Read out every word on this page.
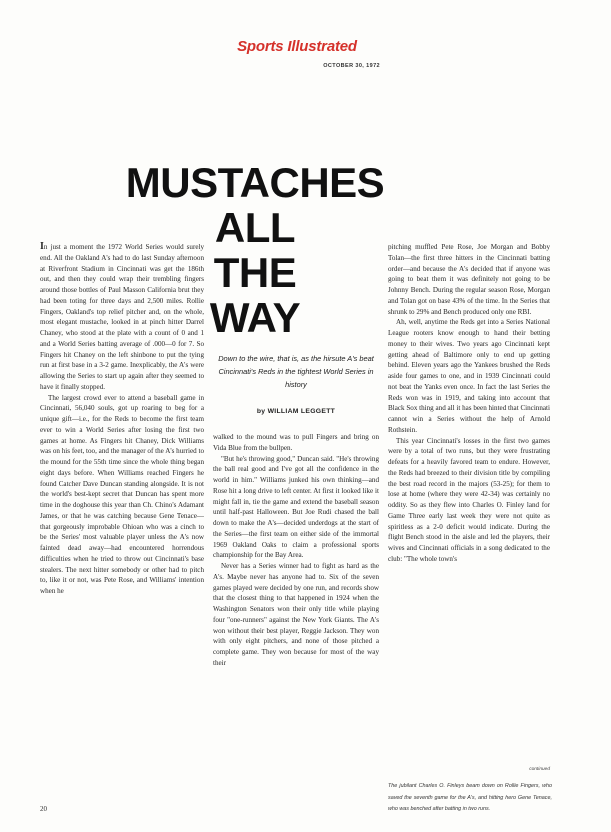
Sports Illustrated
OCTOBER 30, 1972
MUSTACHES
ALL
THE
WAY
Down to the wire, that is, as the hirsute A's beat Cincinnati's Reds in the tightest World Series in history
by WILLIAM LEGGETT

In just a moment the 1972 World Series would surely end. All the Oakland A's had to do last Sunday afternoon at Riverfront Stadium in Cincinnati was get the 186th out, and then they could wrap their trembling fingers around those bottles of Paul Masson California brut they had been toting for three days and 2,500 miles. Rollie Fingers, Oakland's top relief pitcher and, on the whole, most elegant mustache, looked in at pinch hitter Darrel Chaney, who stood at the plate with a count of 0 and 1 and a World Series batting average of .000—0 for 7. So Fingers hit Chaney on the left shinbone to put the tying run at first base in a 3-2 game. Inexplicably, the A's were allowing the Series to start up again after they seemed to have it finally stopped.

The largest crowd ever to attend a baseball game in Cincinnati, 56,040 souls, got up roaring to beg for a unique gift—i.e., for the Reds to become the first team ever to win a World Series after losing the first two games at home. As Fingers hit Chaney, Dick Williams was on his feet, too, and the manager of the A's hurried to the mound for the 55th time since the whole thing began eight days before. When Williams reached Fingers he found Catcher Dave Duncan standing alongside. It is not the world's best-kept secret that Duncan has spent more time in the doghouse this year than Ch. Chino's Adamant James, or that he was catching because Gene Tenace—that gorgeously improbable Ohioan who was a cinch to be the Series' most valuable player unless the A's now fainted dead away—had encountered horrendous difficulties when he tried to throw out Cincinnati's base stealers. The next hitter somebody or other had to pitch to, like it or not, was Pete Rose, and Williams' intention when he

walked to the mound was to pull Fingers and bring on Vida Blue from the bullpen.

"But he's throwing good," Duncan said. "He's throwing the ball real good and I've got all the confidence in the world in him." Williams junked his own thinking—and Rose hit a long drive to left center. At first it looked like it might fall in, tie the game and extend the baseball season until half-past Halloween. But Joe Rudi chased the ball down to make the A's—decided underdogs at the start of the Series—the first team on either side of the immortal 1969 Oakland Oaks to claim a professional sports championship for the Bay Area.

Never has a Series winner had to fight as hard as the A's. Maybe never has anyone had to. Six of the seven games played were decided by one run, and records show that the closest thing to that happened in 1924 when the Washington Senators won their only title while playing four "one-runners" against the New York Giants. The A's won without their best player, Reggie Jackson. They won with only eight pitchers, and none of those pitched a complete game. They won because for most of the way their

pitching muffled Pete Rose, Joe Morgan and Bobby Tolan—the first three hitters in the Cincinnati batting order—and because the A's decided that if anyone was going to beat them it was definitely not going to be Johnny Bench. During the regular season Rose, Morgan and Tolan got on base 43% of the time. In the Series that shrunk to 29% and Bench produced only one RBI.

Ah, well, anytime the Reds get into a Series National League rooters know enough to hand their betting money to their wives. Two years ago Cincinnati kept getting ahead of Baltimore only to end up getting behind. Eleven years ago the Yankees brushed the Reds aside four games to one, and in 1939 Cincinnati could not beat the Yanks even once. In fact the last Series the Reds won was in 1919, and taking into account that Black Sox thing and all it has been hinted that Cincinnati cannot win a Series without the help of Arnold Rothstein.

This year Cincinnati's losses in the first two games were by a total of two runs, but they were frustrating defeats for a heavily favored team to endure. However, the Reds had breezed to their division title by compiling the best road record in the majors (53-25); for them to lose at home (where they were 42-34) was certainly no oddity. So as they flew into Charles O. Finley land for Game Three early last week they were not quite as spiritless as a 2-0 deficit would indicate. During the flight Bench stood in the aisle and led the players, their wives and Cincinnati officials in a song dedicated to the club: "The whole town's

continued
The jubilant Charles O. Finleys beam down on Rollie Fingers, who saved the seventh game for the A's, and hitting hero Gene Tenace, who was benched after batting in two runs.
20
